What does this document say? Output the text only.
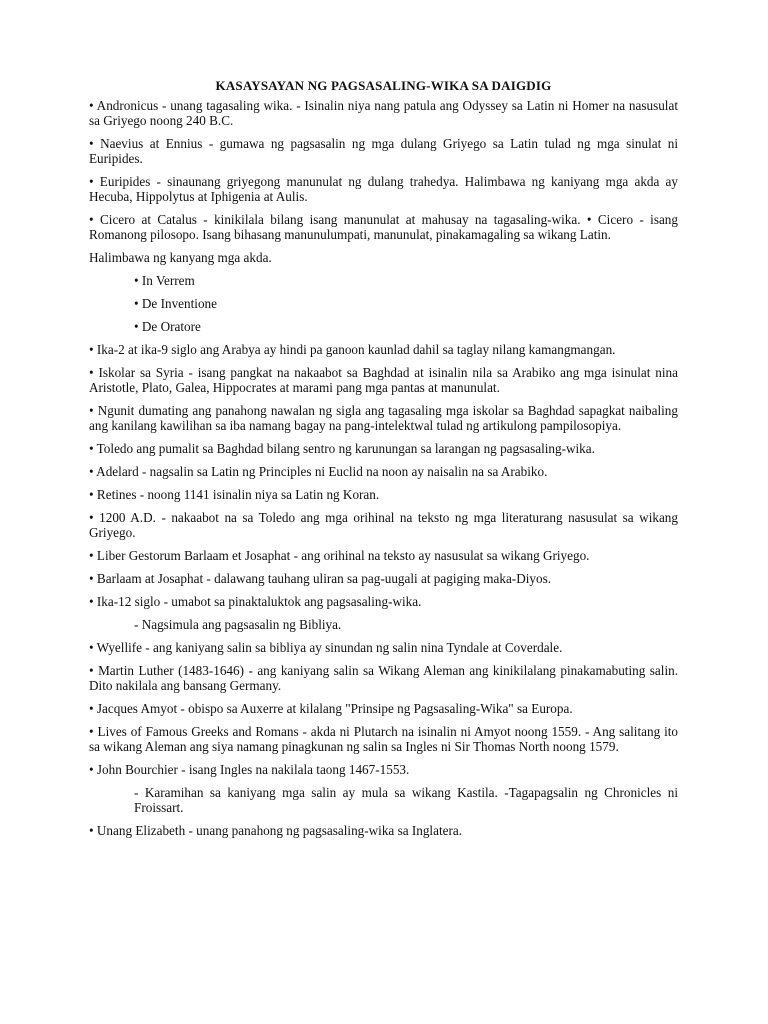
KASAYSAYAN NG PAGSASALING-WIKA SA DAIGDIG
• Andronicus - unang tagasaling wika. - Isinalin niya nang patula ang Odyssey sa Latin ni Homer na nasusulat sa Griyego noong 240 B.C.
• Naevius at Ennius - gumawa ng pagsasalin ng mga dulang Griyego sa Latin tulad ng mga sinulat ni Euripides.
• Euripides - sinaunang griyegong manunulat ng dulang trahedya. Halimbawa ng kaniyang mga akda ay Hecuba, Hippolytus at Iphigenia at Aulis.
• Cicero at Catalus - kinikilala bilang isang manunulat at mahusay na tagasaling-wika. • Cicero - isang Romanong pilosopo. Isang bihasang manunulumpati, manunulat, pinakamagaling sa wikang Latin.
Halimbawa ng kanyang mga akda.
• In Verrem
• De Inventione
• De Oratore
• Ika-2 at ika-9 siglo ang Arabya ay hindi pa ganoon kaunlad dahil sa taglay nilang kamangmangan.
• Iskolar sa Syria - isang pangkat na nakaabot sa Baghdad at isinalin nila sa Arabiko ang mga isinulat nina Aristotle, Plato, Galea, Hippocrates at marami pang mga pantas at manunulat.
• Ngunit dumating ang panahong nawalan ng sigla ang tagasaling mga iskolar sa Baghdad sapagkat naibaling ang kanilang kawilihan sa iba namang bagay na pang-intelektwal tulad ng artikulong pampilosopiya.
• Toledo ang pumalit sa Baghdad bilang sentro ng karunungan sa larangan ng pagsasaling-wika.
• Adelard - nagsalin sa Latin ng Principles ni Euclid na noon ay naisalin na sa Arabiko.
• Retines - noong 1141 isinalin niya sa Latin ng Koran.
• 1200 A.D. - nakaabot na sa Toledo ang mga orihinal na teksto ng mga literaturang nasusulat sa wikang Griyego.
• Liber Gestorum Barlaam et Josaphat - ang orihinal na teksto ay nasusulat sa wikang Griyego.
• Barlaam at Josaphat - dalawang tauhang uliran sa pag-uugali at pagiging maka-Diyos.
• Ika-12 siglo - umabot sa pinaktaluktok ang pagsasaling-wika.
- Nagsimula ang pagsasalin ng Bibliya.
• Wyellife - ang kaniyang salin sa bibliya ay sinundan ng salin nina Tyndale at Coverdale.
• Martin Luther (1483-1646) - ang kaniyang salin sa Wikang Aleman ang kinikilalang pinakamabuting salin. Dito nakilala ang bansang Germany.
• Jacques Amyot - obispo sa Auxerre at kilalang "Prinsipe ng Pagsasaling-Wika" sa Europa.
• Lives of Famous Greeks and Romans - akda ni Plutarch na isinalin ni Amyot noong 1559. - Ang salitang ito sa wikang Aleman ang siya namang pinagkunan ng salin sa Ingles ni Sir Thomas North noong 1579.
• John Bourchier - isang Ingles na nakilala taong 1467-1553.
- Karamihan sa kaniyang mga salin ay mula sa wikang Kastila. -Tagapagsalin ng Chronicles ni Froissart.
• Unang Elizabeth - unang panahong ng pagsasaling-wika sa Inglatera.
